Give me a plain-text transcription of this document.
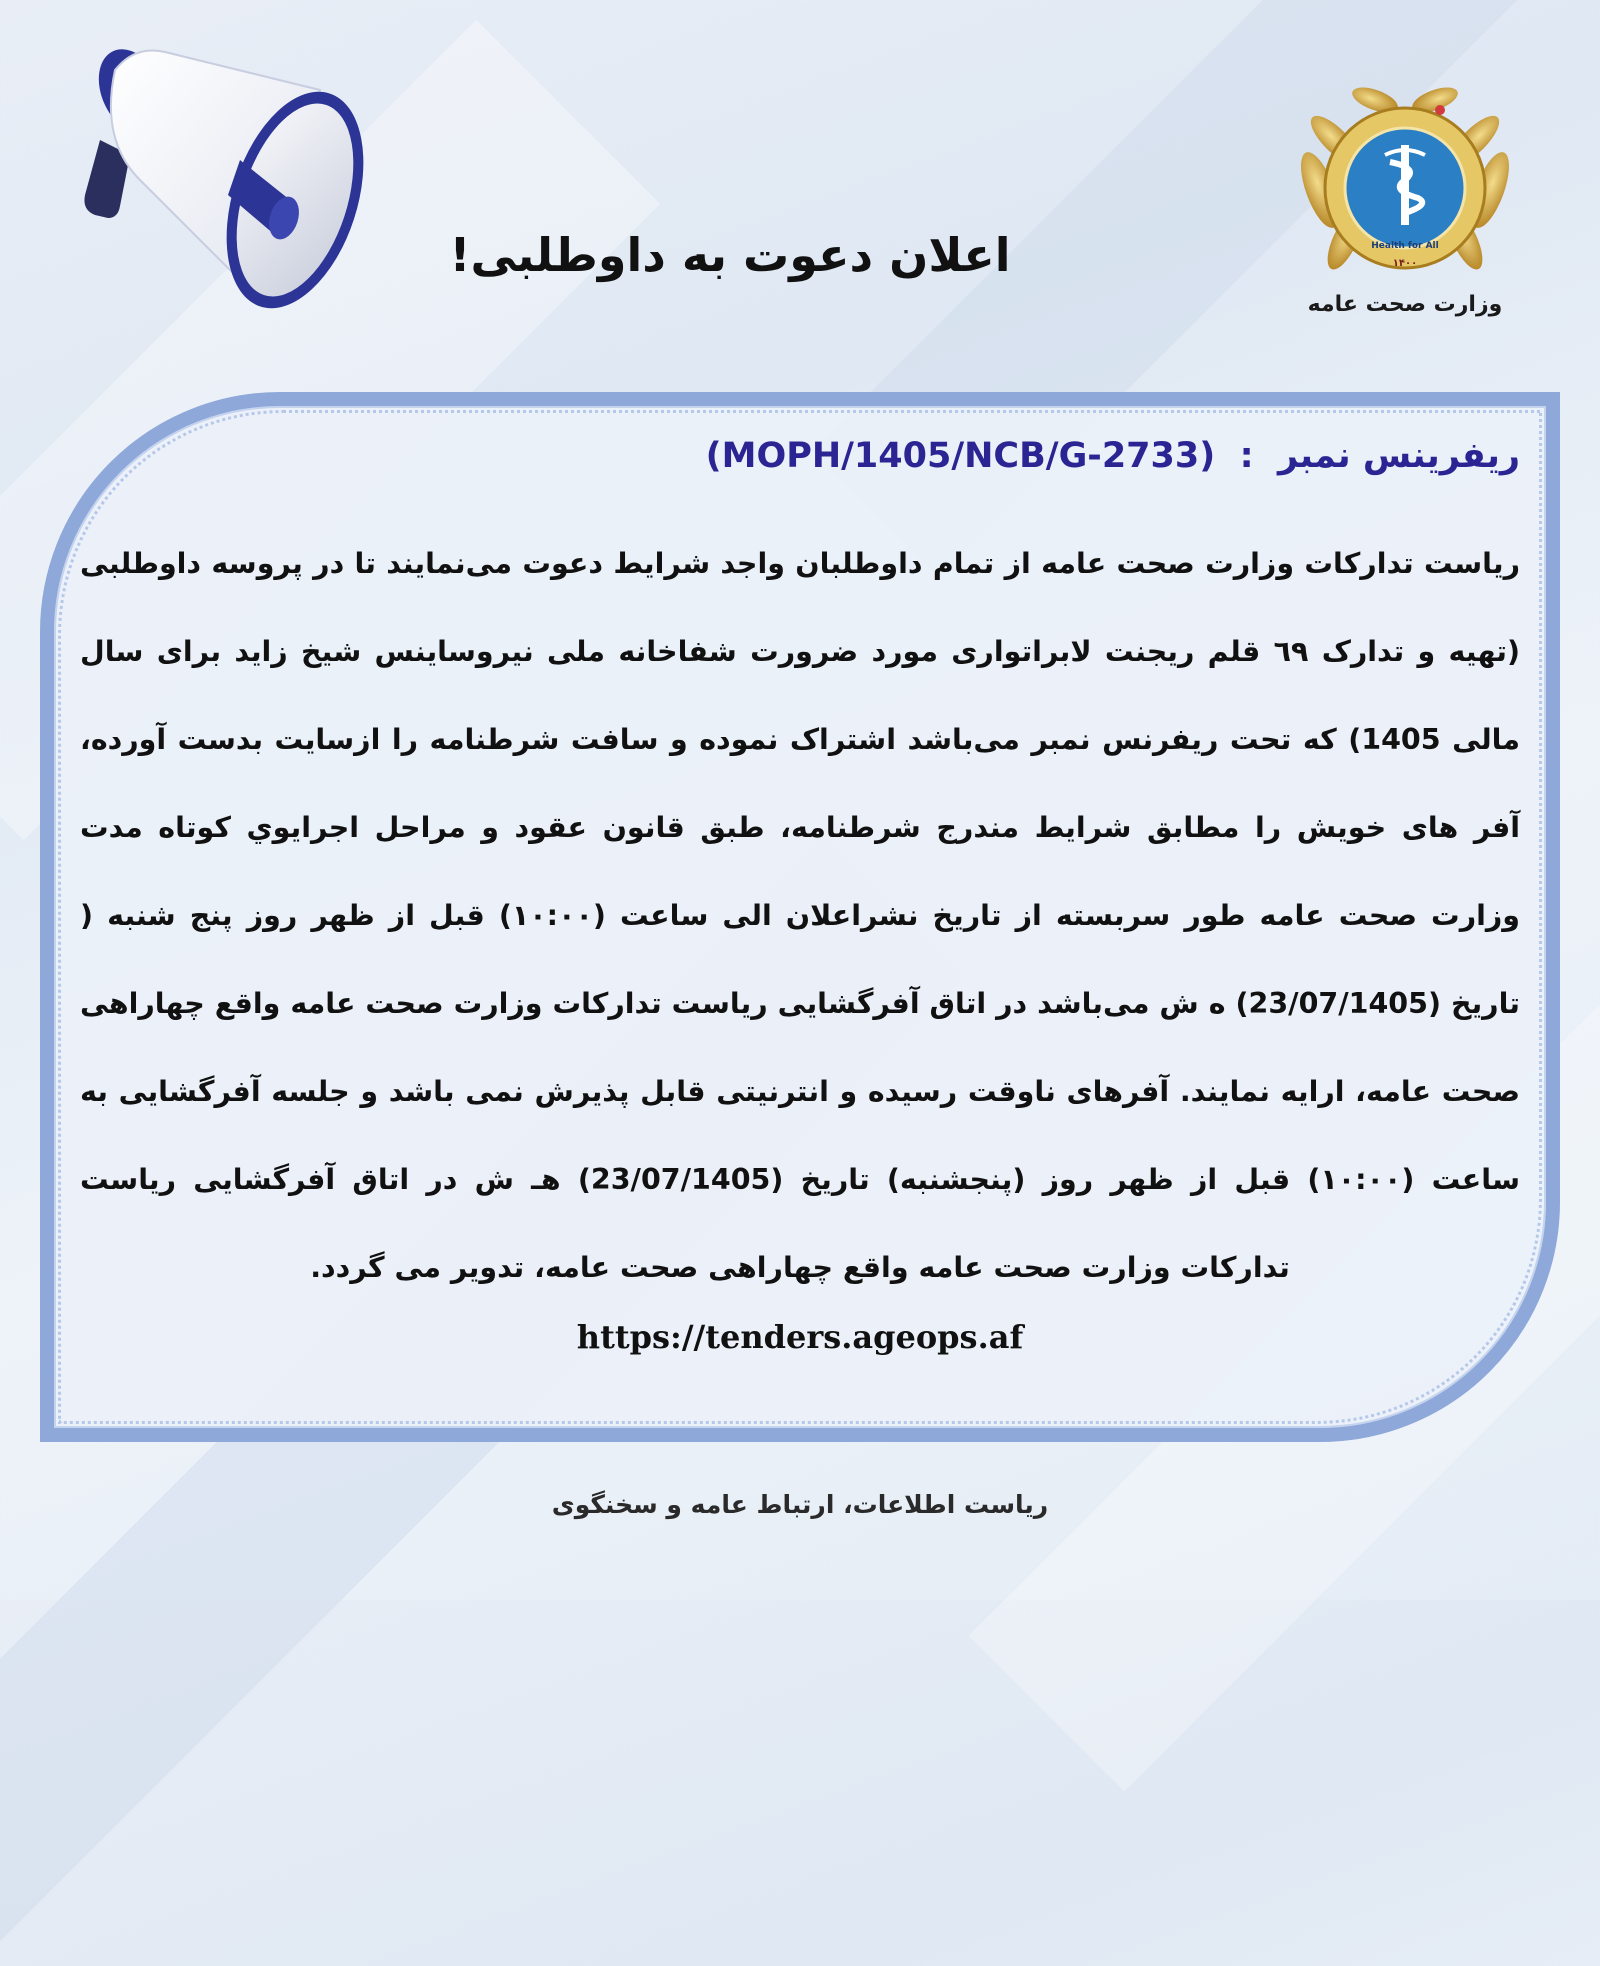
اعلان دعوت به داوطلبی!	Health for All
۱۴۰۰
وزارت صحت عامه
ریفرینس نمبر  :  (MOPH/1405/NCB/G-2733)
ریاست تدارکات وزارت صحت عامه از تمام داوطلبان واجد شرایط دعوت می‌نمایند تا در پروسه داوطلبی (تهیه و تدارک ٦٩ قلم ریجنت لابراتواری مورد ضرورت شفاخانه ملی نیروساینس شیخ زاید برای سال مالی 1405) که تحت ریفرنس نمبر می‌باشد اشتراک نموده و سافت شرطنامه را ازسایت بدست آورده، آفر های خویش را مطابق شرایط مندرج شرطنامه، طبق قانون عقود و مراحل اجرایوي کوتاه مدت وزارت صحت عامه طور سربسته از تاریخ نشراعلان الی ساعت (۱۰:۰۰) قبل از ظهر روز پنج شنبه ( تاریخ (23/07/1405) ه ش می‌باشد در اتاق آفرگشایی ریاست تدارکات وزارت صحت عامه واقع چهاراهی صحت عامه، ارایه نمایند. آفرهای ناوقت رسیده و انترنیتی قابل پذیرش نمی باشد و جلسه آفرگشایی به ساعت (۱۰:۰۰) قبل از ظهر روز (پنجشنبه) تاریخ (23/07/1405) هـ ش در اتاق آفرگشایی ریاست تدارکات وزارت صحت عامه واقع چهاراهی صحت عامه، تدویر می گردد.
https://tenders.ageops.af
ریاست اطلاعات، ارتباط عامه و سخنگوی
